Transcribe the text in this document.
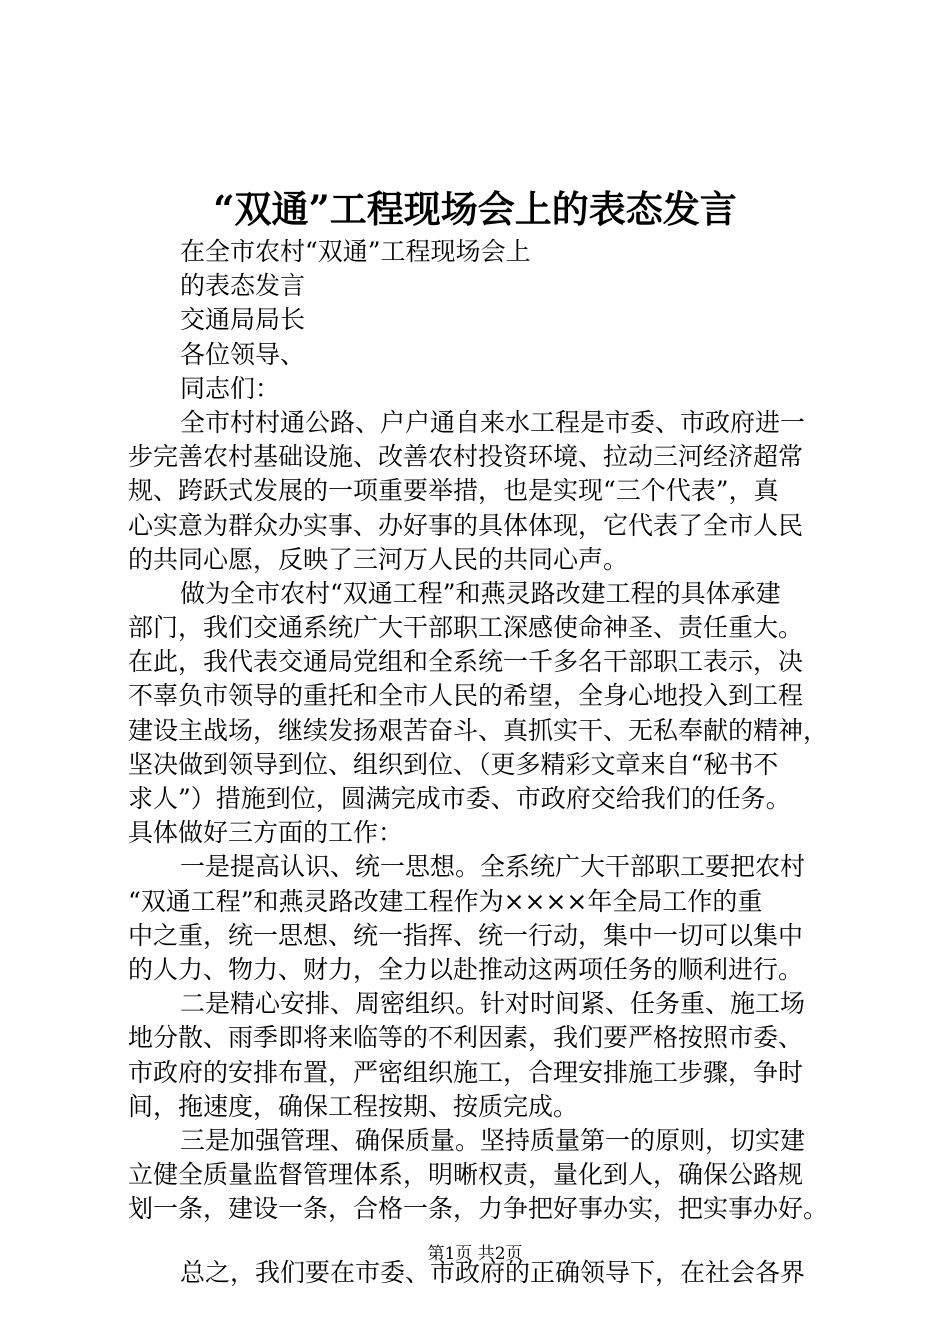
“双通”工程现场会上的表态发言
在全市农村“双通”工程现场会上
的表态发言
交通局局长
各位领导、
同志们：
全市村村通公路、户户通自来水工程是市委、市政府进一
步完善农村基础设施、改善农村投资环境、拉动三河经济超常
规、跨跃式发展的一项重要举措，也是实现“三个代表”，真
心实意为群众办实事、办好事的具体体现，它代表了全市人民
的共同心愿，反映了三河万人民的共同心声。
做为全市农村“双通工程”和燕灵路改建工程的具体承建
部门，我们交通系统广大干部职工深感使命神圣、责任重大。
在此，我代表交通局党组和全系统一千多名干部职工表示，决
不辜负市领导的重托和全市人民的希望，全身心地投入到工程
建设主战场，继续发扬艰苦奋斗、真抓实干、无私奉献的精神，
坚决做到领导到位、组织到位、（更多精彩文章来自“秘书不
求人”）措施到位，圆满完成市委、市政府交给我们的任务。
具体做好三方面的工作：
一是提高认识、统一思想。全系统广大干部职工要把农村
“双通工程”和燕灵路改建工程作为××××年全局工作的重
中之重，统一思想、统一指挥、统一行动，集中一切可以集中
的人力、物力、财力，全力以赴推动这两项任务的顺利进行。
二是精心安排、周密组织。针对时间紧、任务重、施工场
地分散、雨季即将来临等的不利因素，我们要严格按照市委、
市政府的安排布置，严密组织施工，合理安排施工步骤，争时
间，拖速度，确保工程按期、按质完成。
三是加强管理、确保质量。坚持质量第一的原则，切实建
立健全质量监督管理体系，明晰权责，量化到人，确保公路规
划一条，建设一条，合格一条，力争把好事办实，把实事办好。
总之，我们要在市委、市政府的正确领导下，在社会各界
第1页 共2页
